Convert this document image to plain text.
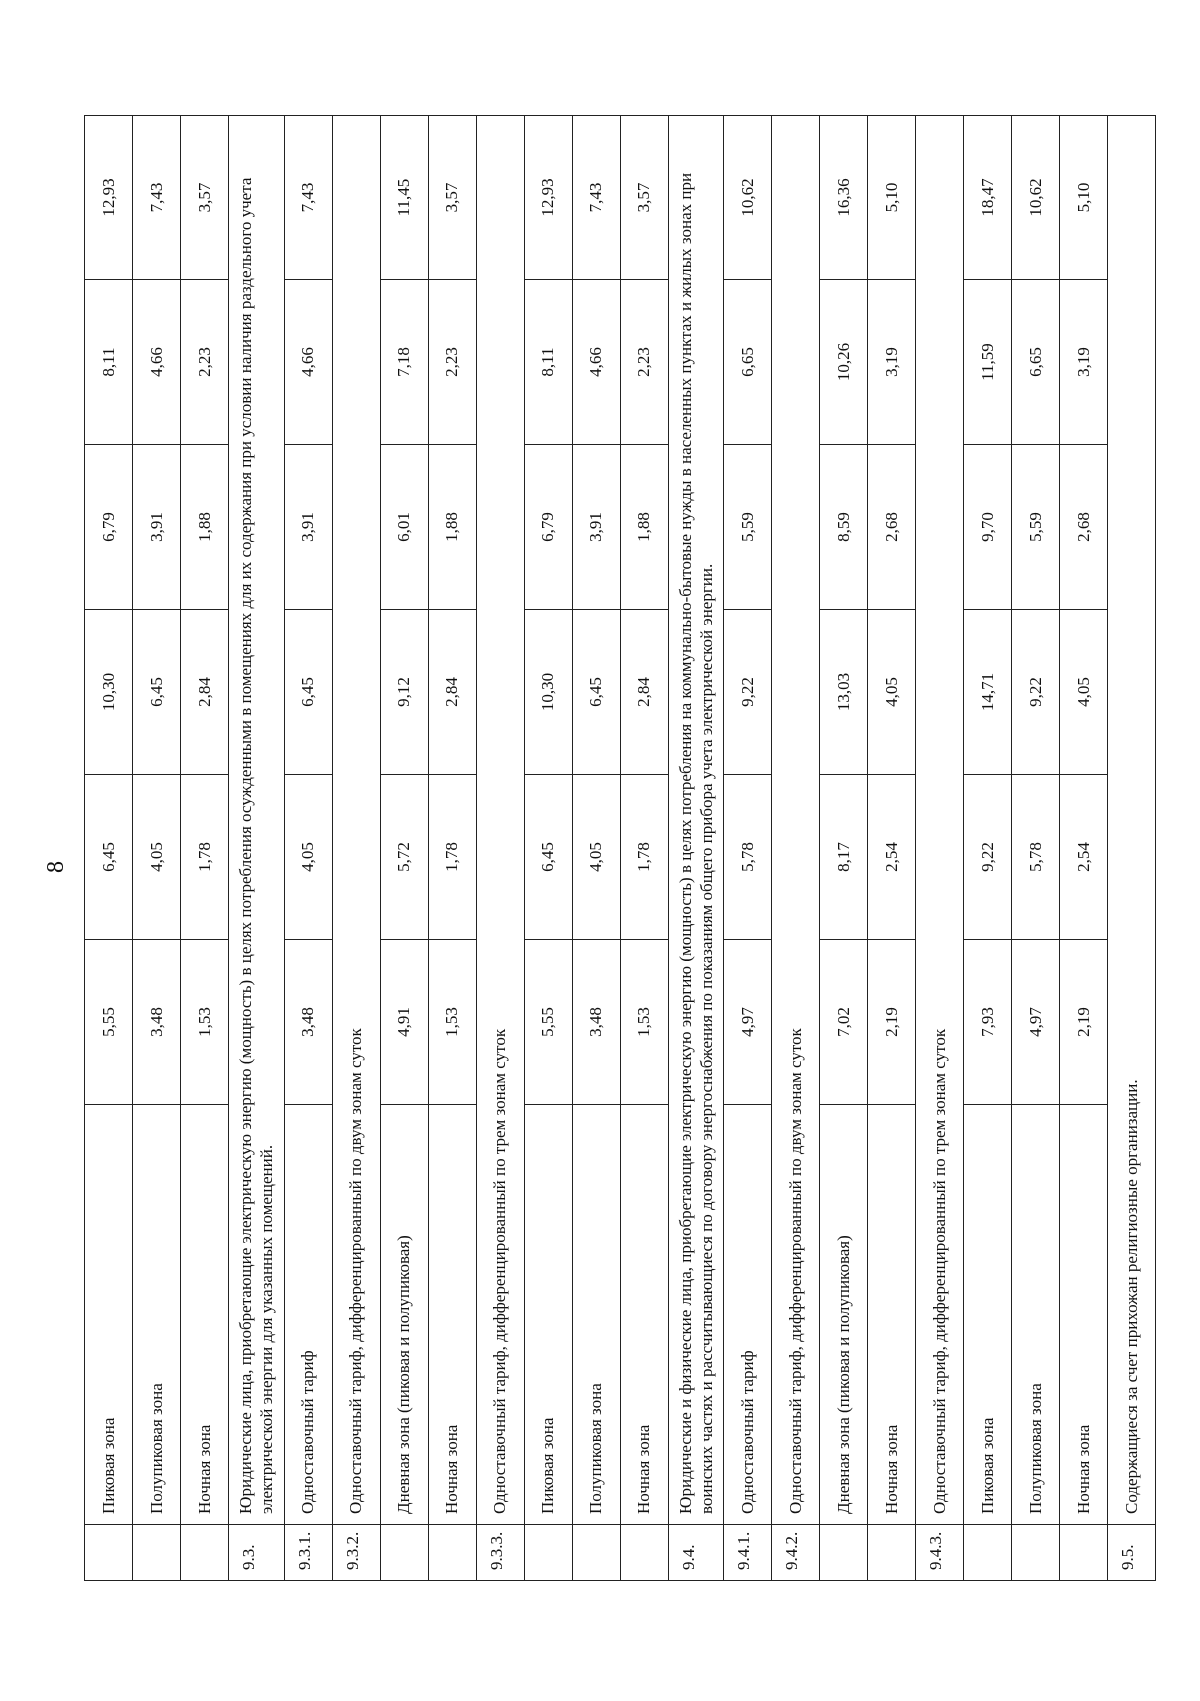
8
	Пиковая зона	5,55	6,45	10,30	6,79	8,11	12,93
	Полупиковая зона	3,48	4,05	6,45	3,91	4,66	7,43
	Ночная зона	1,53	1,78	2,84	1,88	2,23	3,57
9.3.	Юридические лица, приобретающие электрическую энергию (мощность) в целях потребления осужденными в помещениях для их содержания при условии наличия раздельного учета электрической энергии для указанных помещений.						
9.3.1.	Одноставочный тариф	3,48	4,05	6,45	3,91	4,66	7,43
9.3.2.	Одноставочный тариф, дифференцированный по двум зонам суток						
	Дневная зона (пиковая и полупиковая)	4,91	5,72	9,12	6,01	7,18	11,45
	Ночная зона	1,53	1,78	2,84	1,88	2,23	3,57
9.3.3.	Одноставочный тариф, дифференцированный по трем зонам суток						
	Пиковая зона	5,55	6,45	10,30	6,79	8,11	12,93
	Полупиковая зона	3,48	4,05	6,45	3,91	4,66	7,43
	Ночная зона	1,53	1,78	2,84	1,88	2,23	3,57
9.4.	Юридические и физические лица, приобретающие электрическую энергию (мощность) в целях потребления на коммунально-бытовые нужды в населенных пунктах и жилых зонах при воинских частях и рассчитывающиеся по договору энергоснабжения по показаниям общего прибора учета электрической энергии.						
9.4.1.	Одноставочный тариф	4,97	5,78	9,22	5,59	6,65	10,62
9.4.2.	Одноставочный тариф, дифференцированный по двум зонам суток						
	Дневная зона (пиковая и полупиковая)	7,02	8,17	13,03	8,59	10,26	16,36
	Ночная зона	2,19	2,54	4,05	2,68	3,19	5,10
9.4.3.	Одноставочный тариф, дифференцированный по трем зонам суток						
	Пиковая зона	7,93	9,22	14,71	9,70	11,59	18,47
	Полупиковая зона	4,97	5,78	9,22	5,59	6,65	10,62
	Ночная зона	2,19	2,54	4,05	2,68	3,19	5,10
9.5.	Содержащиеся за счет прихожан религиозные организации.						
